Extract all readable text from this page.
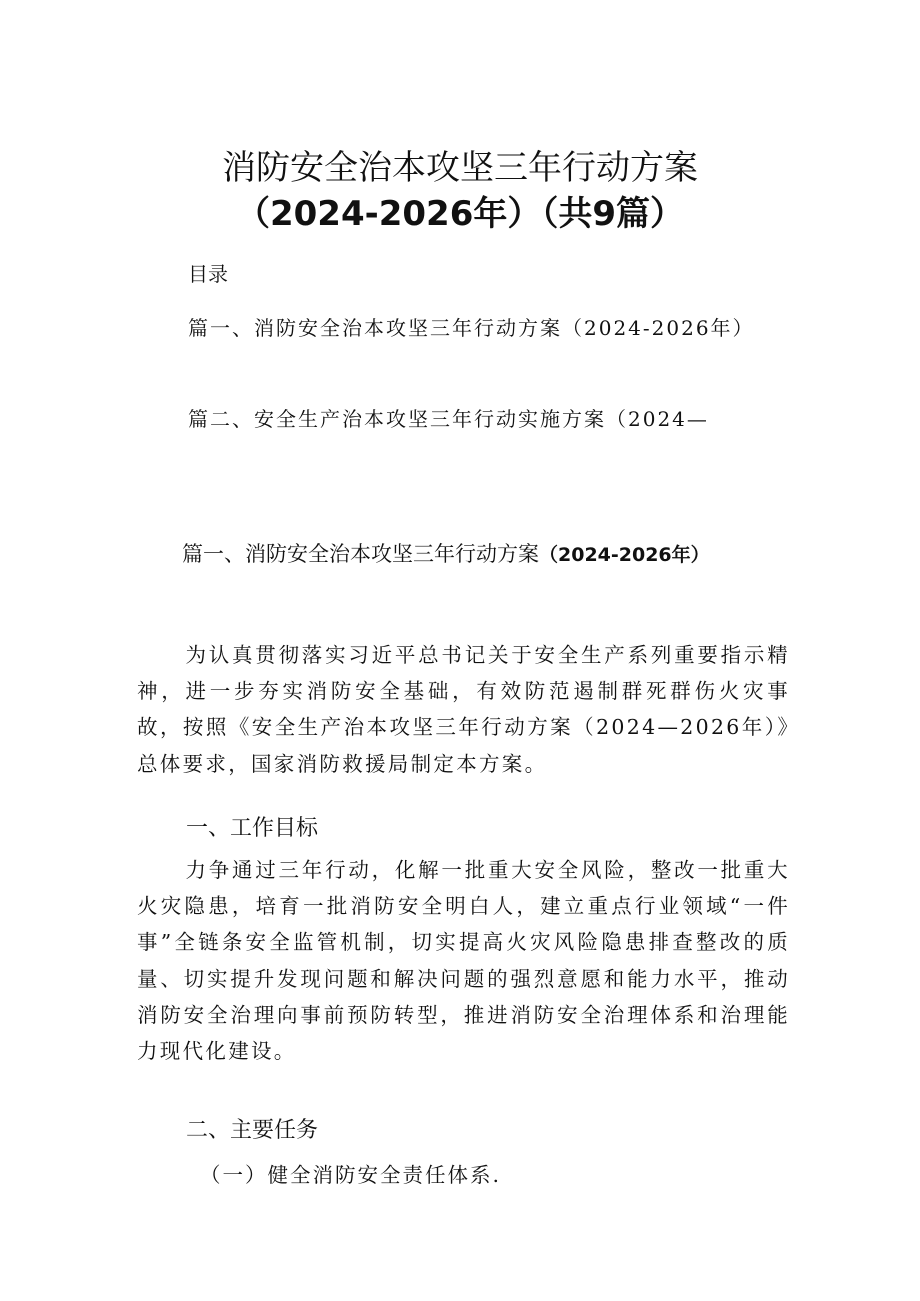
消防安全治本攻坚三年行动方案
（2024-2026年）（共9篇）
目录
篇一、消防安全治本攻坚三年行动方案（2024-2026年）
篇二、安全生产治本攻坚三年行动实施方案（2024—
篇一、消防安全治本攻坚三年行动方案（2024-2026年）
为认真贯彻落实习近平总书记关于安全生产系列重要指示精神，进一步夯实消防安全基础，有效防范遏制群死群伤火灾事故，按照《安全生产治本攻坚三年行动方案（2024—2026年）》总体要求，国家消防救援局制定本方案。
一、工作目标
力争通过三年行动，化解一批重大安全风险，整改一批重大火灾隐患，培育一批消防安全明白人，建立重点行业领域“一件事”全链条安全监管机制，切实提高火灾风险隐患排查整改的质量、切实提升发现问题和解决问题的强烈意愿和能力水平，推动消防安全治理向事前预防转型，推进消防安全治理体系和治理能力现代化建设。
二、主要任务
（一）健全消防安全责任体系.
